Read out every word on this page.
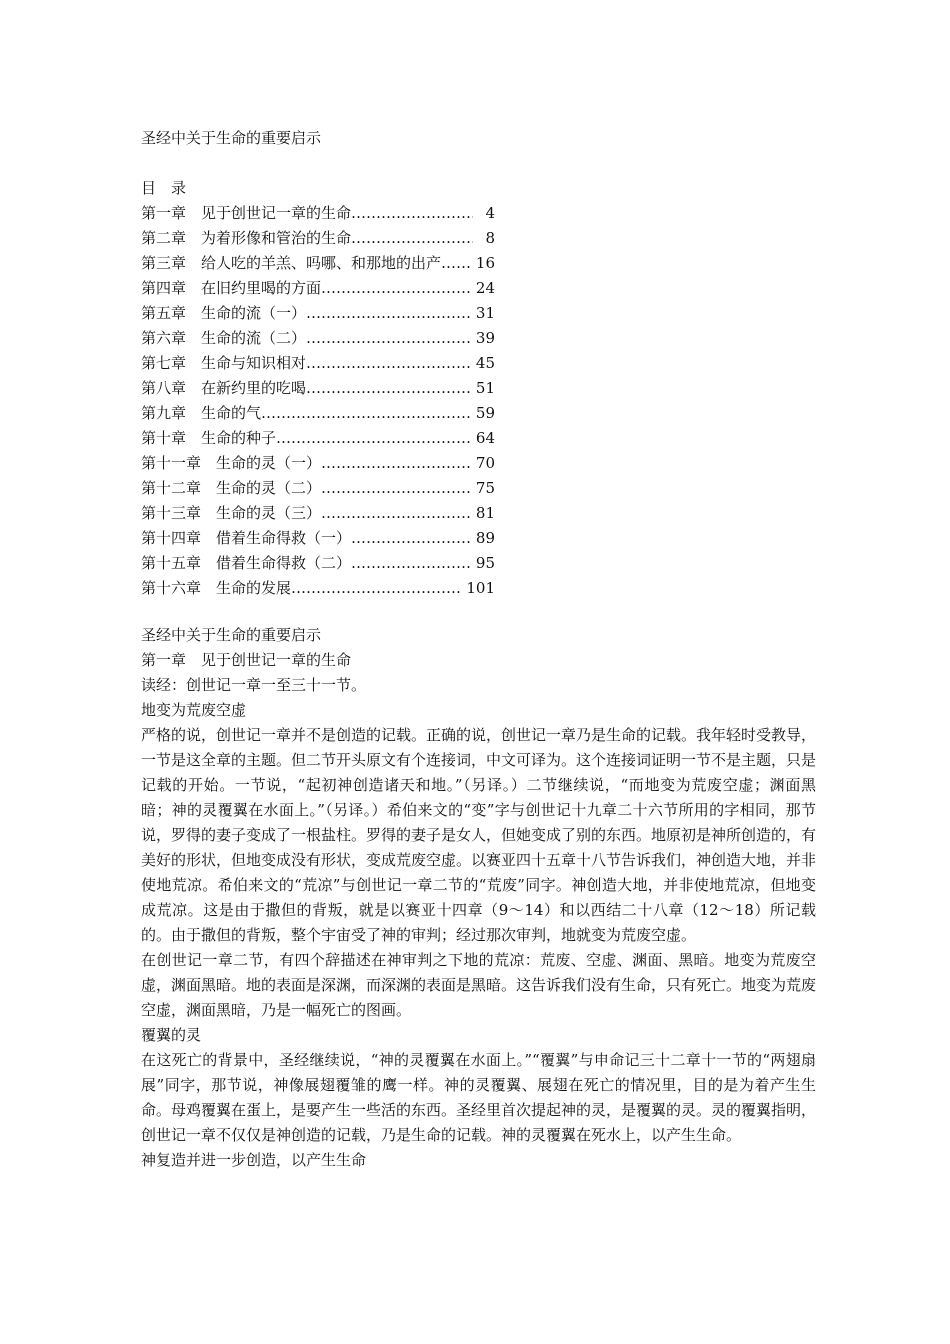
圣经中关于生命的重要启示
目　录
第一章　见于创世记一章的生命 …………………………………………………………………	4
第二章　为着形像和管治的生命 …………………………………………………………………	8
第三章　给人吃的羊羔、吗哪、和那地的出产 …………………………………………………………………	16
第四章　在旧约里喝的方面 …………………………………………………………………	24
第五章　生命的流（一） …………………………………………………………………	31
第六章　生命的流（二） …………………………………………………………………	39
第七章　生命与知识相对 …………………………………………………………………	45
第八章　在新约里的吃喝 …………………………………………………………………	51
第九章　生命的气 …………………………………………………………………	59
第十章　生命的种子 …………………………………………………………………	64
第十一章　生命的灵（一） …………………………………………………………………	70
第十二章　生命的灵（二） …………………………………………………………………	75
第十三章　生命的灵（三） …………………………………………………………………	81
第十四章　借着生命得救（一） …………………………………………………………………	89
第十五章　借着生命得救（二） …………………………………………………………………	95
第十六章　生命的发展 …………………………………………………………………	101
圣经中关于生命的重要启示
第一章　见于创世记一章的生命
读经：创世记一章一至三十一节。
地变为荒废空虚

严格的说，创世记一章并不是创造的记载。正确的说，创世记一章乃是生命的记载。我年轻时受教导，一节是这全章的主题。但二节开头原文有个连接词，中文可译为。这个连接词证明一节不是主题，只是记载的开始。一节说，“起初神创造诸天和地。”（另译。）二节继续说，“而地变为荒废空虚；渊面黑暗；神的灵覆翼在水面上。”（另译。）希伯来文的“变”字与创世记十九章二十六节所用的字相同，那节说，罗得的妻子变成了一根盐柱。罗得的妻子是女人，但她变成了别的东西。地原初是神所创造的，有美好的形状，但地变成没有形状，变成荒废空虚。以赛亚四十五章十八节告诉我们，神创造大地，并非使地荒凉。希伯来文的“荒凉”与创世记一章二节的“荒废”同字。神创造大地，并非使地荒凉，但地变成荒凉。这是由于撒但的背叛，就是以赛亚十四章（9～14）和以西结二十八章（12～18）所记载的。由于撒但的背叛，整个宇宙受了神的审判；经过那次审判，地就变为荒废空虚。

在创世记一章二节，有四个辞描述在神审判之下地的荒凉：荒废、空虚、渊面、黑暗。地变为荒废空虚，渊面黑暗。地的表面是深渊，而深渊的表面是黑暗。这告诉我们没有生命，只有死亡。地变为荒废空虚，渊面黑暗，乃是一幅死亡的图画。

覆翼的灵

在这死亡的背景中，圣经继续说，“神的灵覆翼在水面上。”“覆翼”与申命记三十二章十一节的“两翅扇展”同字，那节说，神像展翅覆雏的鹰一样。神的灵覆翼、展翅在死亡的情况里，目的是为着产生生命。母鸡覆翼在蛋上，是要产生一些活的东西。圣经里首次提起神的灵，是覆翼的灵。灵的覆翼指明，创世记一章不仅仅是神创造的记载，乃是生命的记载。神的灵覆翼在死水上，以产生生命。

神复造并进一步创造，以产生生命
